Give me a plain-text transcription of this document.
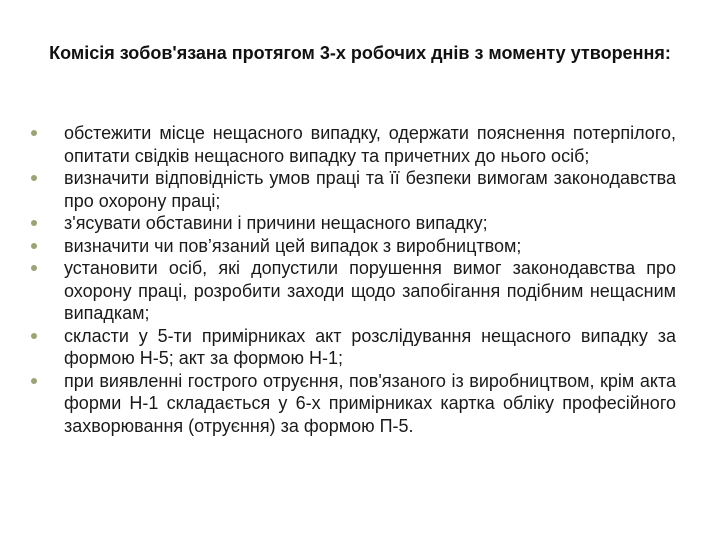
Комісія зобов'язана протягом 3-х робочих днів з моменту утворення:
обстежити місце нещасного випадку, одержати пояснення потерпілого, опитати свідків нещасного випадку та причетних до нього осіб;
визначити відповідність умов праці та її безпеки вимогам законодавства про охорону праці;
з'ясувати обставини і причини нещасного випадку;
визначити чи пов’язаний цей випадок з виробництвом;
установити осіб, які допустили порушення вимог законодавства про охорону праці, розробити заходи щодо запобігання подібним нещасним випадкам;
скласти у 5-ти примірниках акт розслідування нещасного випадку за формою Н-5; акт за формою Н-1;
при виявленні гострого отруєння, пов'язаного із виробництвом, крім акта форми Н-1 складається у 6-х примірниках картка обліку професійного захворювання (отруєння) за формою П-5.
